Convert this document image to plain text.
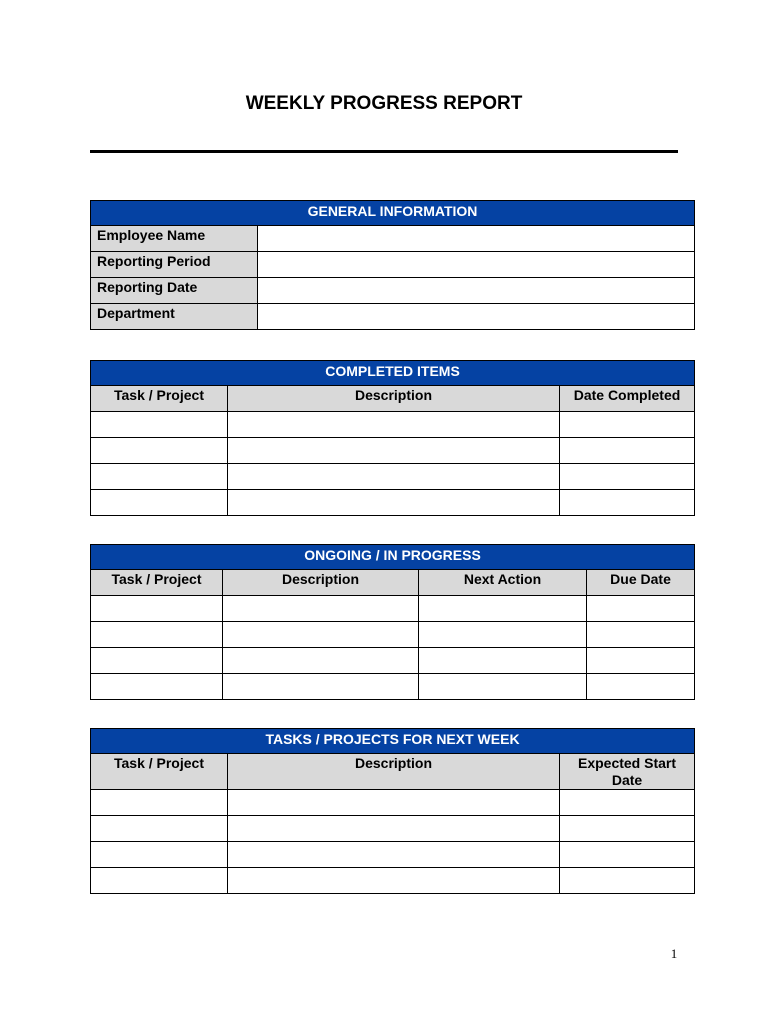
WEEKLY PROGRESS REPORT
GENERAL INFORMATION	
Employee Name	
Reporting Period	
Reporting Date	
Department	
COMPLETED ITEMS		
Task / Project	Description	Date Completed

ONGOING / IN PROGRESS			
Task / Project	Description	Next Action	Due Date

TASKS / PROJECTS FOR NEXT WEEK		
Task / Project	Description	Expected Start Date

1
